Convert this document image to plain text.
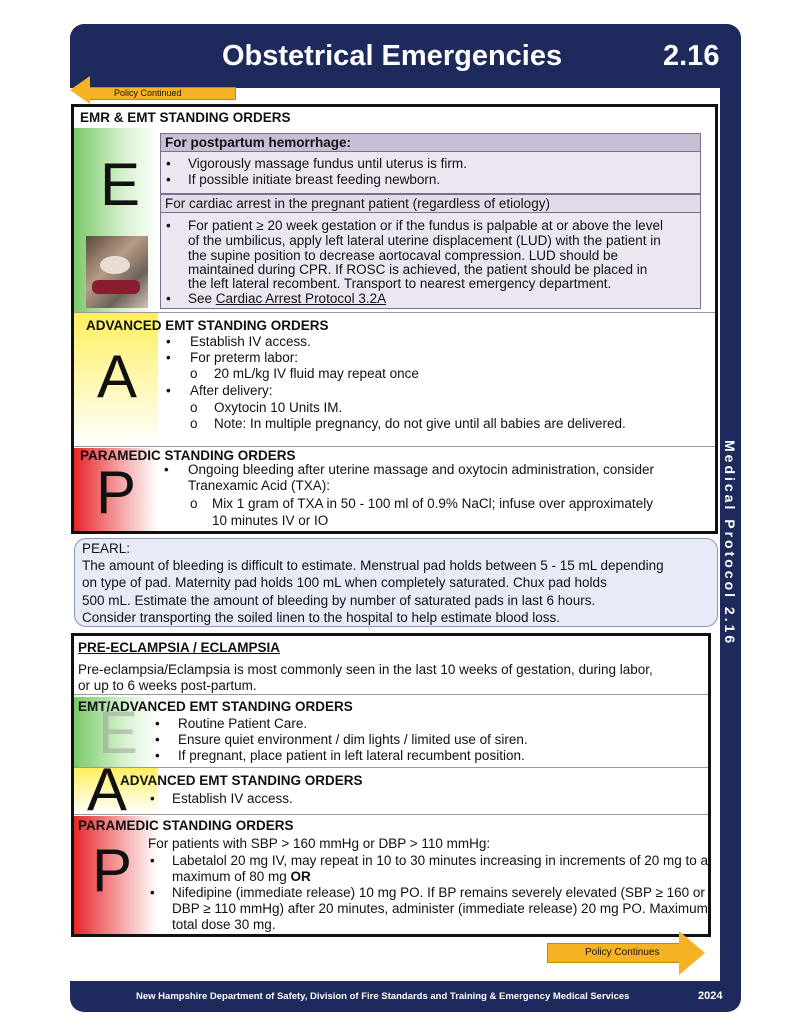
Obstetrical Emergencies	2.16
Medical Protocol 2.16
New Hampshire Department of Safety, Division of Fire Standards and Training & Emergency Medical Services	2024
Policy Continued
EMR & EMT STANDING ORDERS
E
For postpartum hemorrhage:
• Vigorously massage fundus until uterus is firm.
• If possible initiate breast feeding newborn.
For cardiac arrest in the pregnant patient (regardless of etiology)
• For patient ≥ 20 week gestation or if the fundus is palpable at or above the level
of the umbilicus, apply left lateral uterine displacement (LUD) with the patient in
the supine position to decrease aortocaval compression. LUD should be
maintained during CPR. If ROSC is achieved, the patient should be placed in
the left lateral recombent. Transport to nearest emergency department.
• See Cardiac Arrest Protocol 3.2A
ADVANCED EMT STANDING ORDERS
A
• Establish IV access.
• For preterm labor:
o 20 mL/kg IV fluid may repeat once
• After delivery:
o Oxytocin 10 Units IM.
o Note: In multiple pregnancy, do not give until all babies are delivered.
PARAMEDIC STANDING ORDERS
P • Ongoing bleeding after uterine massage and oxytocin administration, consider
Tranexamic Acid (TXA):
o Mix 1 gram of TXA in 50 - 100 ml of 0.9% NaCl; infuse over approximately
10 minutes IV or IO
PEARL:
The amount of bleeding is difficult to estimate. Menstrual pad holds between 5 - 15 mL depending
on type of pad. Maternity pad holds 100 mL when completely saturated. Chux pad holds
500 mL. Estimate the amount of bleeding by number of saturated pads in last 6 hours.
Consider transporting the soiled linen to the hospital to help estimate blood loss.
PRE-ECLAMPSIA / ECLAMPSIA
Pre-eclampsia/Eclampsia is most commonly seen in the last 10 weeks of gestation, during labor,
or up to 6 weeks post-partum.
E
EMT/ADVANCED EMT STANDING ORDERS
• Routine Patient Care.
• Ensure quiet environment / dim lights / limited use of siren.
• If pregnant, place patient in left lateral recumbent position.
A
ADVANCED EMT STANDING ORDERS
• Establish IV access.
PARAMEDIC STANDING ORDERS
P For patients with SBP > 160 mmHg or DBP > 110 mmHg:
• Labetalol 20 mg IV, may repeat in 10 to 30 minutes increasing in increments of 20 mg to a
maximum of 80 mg OR
• Nifedipine (immediate release) 10 mg PO. If BP remains severely elevated (SBP ≥ 160 or
DBP ≥ 110 mmHg) after 20 minutes, administer (immediate release) 20 mg PO. Maximum
total dose 30 mg.
Policy Continues
